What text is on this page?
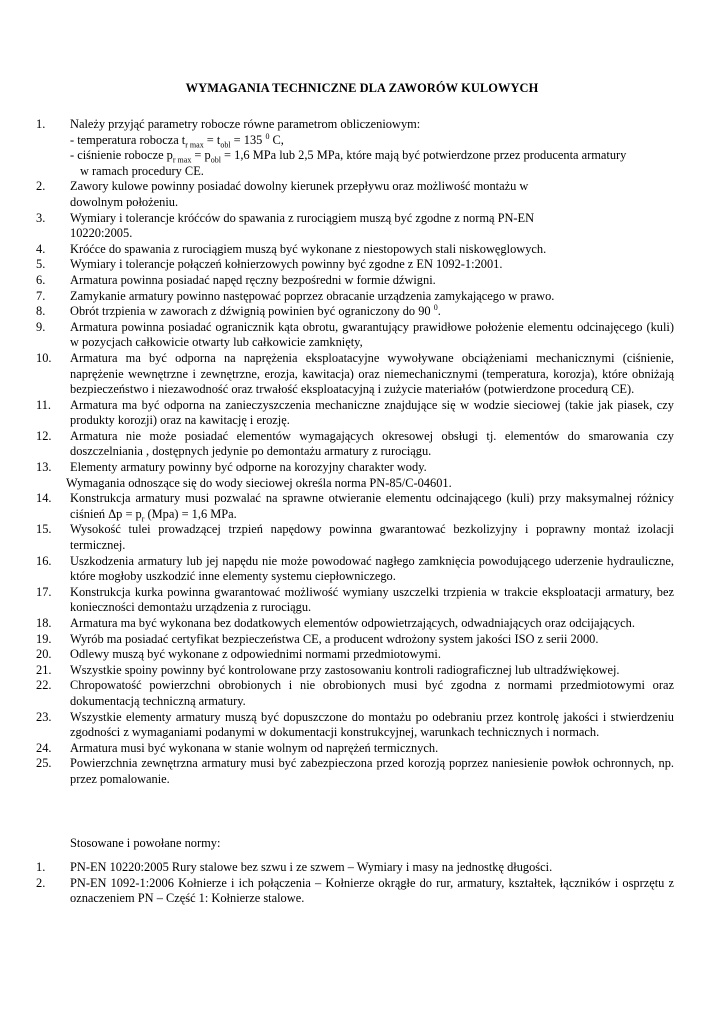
WYMAGANIA TECHNICZNE DLA ZAWORÓW KULOWYCH
1.	Należy przyjąć parametry robocze równe parametrom obliczeniowym:
- temperatura robocza $t_{r max} = t_{obl} = 135$ $^0$ C,
- ciśnienie robocze $p_{r max} = p_{obl} = 1,6$ MPa lub 2,5 MPa, które mają być potwierdzone przez producenta armatury
w ramach procedury CE.
2.	Zawory kulowe powinny posiadać dowolny kierunek przepływu oraz możliwość montażu w
dowolnym położeniu.
3.	Wymiary i tolerancje króćców do spawania z rurociągiem muszą być zgodne z normą PN-EN
10220:2005.
4.	Króćce do spawania z rurociągiem muszą być wykonane z niestopowych stali niskowęglowych.
5.	Wymiary i tolerancje połączeń kołnierzowych powinny być zgodne z EN 1092-1:2001.
6.	Armatura powinna posiadać napęd ręczny bezpośredni w formie dźwigni.
7.	Zamykanie armatury powinno następować poprzez obracanie urządzenia zamykającego w prawo.
8.	Obrót trzpienia w zaworach z dźwignią powinien być ograniczony do 90 $^0$.
9.	Armatura powinna posiadać ogranicznik kąta obrotu, gwarantujący prawidłowe położenie elementu odcinajęcego (kuli) w pozycjach całkowicie otwarty lub całkowicie zamknięty,
10.	Armatura ma być odporna na naprężenia eksploatacyjne wywoływane obciążeniami mechanicznymi (ciśnienie, naprężenie wewnętrzne i zewnętrzne, erozja, kawitacja) oraz niemechanicznymi (temperatura, korozja), które obniżają bezpieczeństwo i niezawodność oraz trwałość eksploatacyjną i zużycie materiałów (potwierdzone procedurą CE).
11.	Armatura ma być odporna na zanieczyszczenia mechaniczne znajdujące się w wodzie sieciowej (takie jak piasek, czy produkty korozji) oraz na kawitację i erozję.
12.	Armatura nie może posiadać elementów wymagających okresowej obsługi tj. elementów do smarowania czy doszczelniania , dostępnych jedynie po demontażu armatury z rurociągu.
13.	Elementy armatury powinny być odporne na korozyjny charakter wody.
Wymagania odnoszące się do wody sieciowej określa norma PN-85/C-04601.
14.	Konstrukcja armatury musi pozwalać na sprawne otwieranie elementu odcinającego (kuli) przy maksymalnej różnicy ciśnień $\Delta p = p_r$ (Mpa) = 1,6 MPa.
15.	Wysokość tulei prowadzącej trzpień napędowy powinna gwarantować bezkolizyjny i poprawny montaż izolacji termicznej.
16.	Uszkodzenia armatury lub jej napędu nie może powodować nagłego zamknięcia powodującego uderzenie hydrauliczne, które mogłoby uszkodzić inne elementy systemu ciepłowniczego.
17.	Konstrukcja kurka powinna gwarantować możliwość wymiany uszczelki trzpienia w trakcie eksploatacji armatury, bez konieczności demontażu urządzenia z rurociągu.
18.	Armatura ma być wykonana bez dodatkowych elementów odpowietrzających, odwadniających oraz odcijających.
19.	Wyrób ma posiadać certyfikat bezpieczeństwa CE, a producent wdrożony system jakości ISO z serii 2000.
20.	Odlewy muszą być wykonane z odpowiednimi normami przedmiotowymi.
21.	Wszystkie spoiny powinny być kontrolowane przy zastosowaniu kontroli radiograficznej lub ultradźwiękowej.
22.	Chropowatość powierzchni obrobionych i nie obrobionych musi być zgodna z normami przedmiotowymi oraz dokumentacją techniczną armatury.
23.	Wszystkie elementy armatury muszą być dopuszczone do montażu po odebraniu przez kontrolę jakości i stwierdzeniu zgodności z wymaganiami podanymi w dokumentacji konstrukcyjnej, warunkach technicznych i normach.
24.	Armatura musi być wykonana w stanie wolnym od naprężeń termicznych.
25.	Powierzchnia zewnętrzna armatury musi być zabezpieczona przed korozją poprzez naniesienie powłok ochronnych, np. przez pomalowanie.
Stosowane i powołane normy:
1.	PN-EN 10220:2005 Rury stalowe bez szwu i ze szwem – Wymiary i masy na jednostkę długości.
2.	PN-EN 1092-1:2006 Kołnierze i ich połączenia – Kołnierze okrągłe do rur, armatury, kształtek, łączników i osprzętu z oznaczeniem PN – Część 1: Kołnierze stalowe.
